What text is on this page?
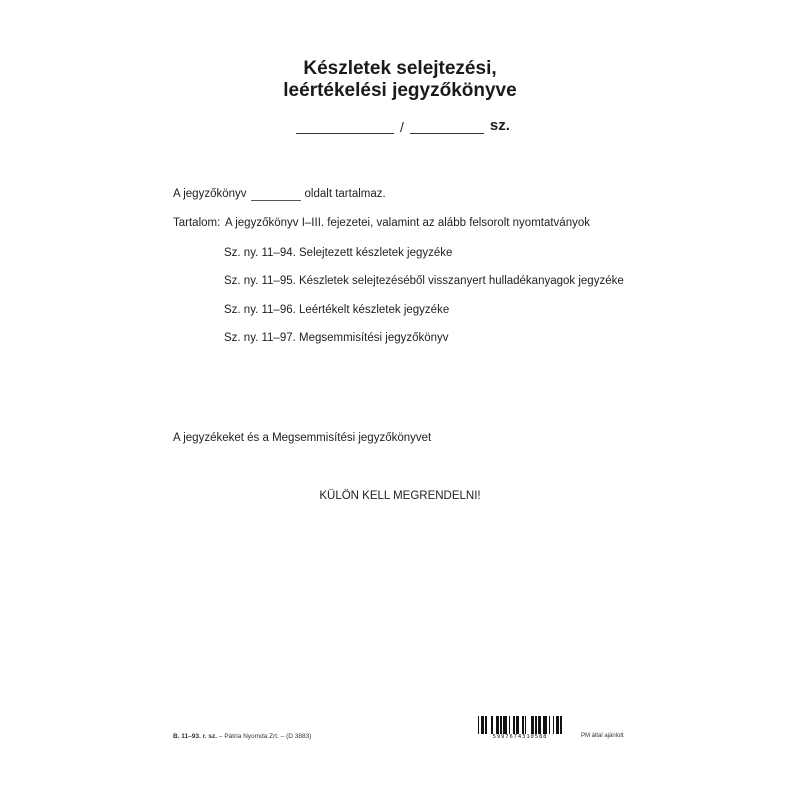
Készletek selejtezési,
leértékelési jegyzőkönyve
/	sz.
A jegyzőkönyv	oldalt tartalmaz.
Tartalom: A jegyzőkönyv I–III. fejezetei, valamint az alább felsorolt nyomtatványok
Sz. ny. 11–94. Selejtezett készletek jegyzéke
Sz. ny. 11–95. Készletek selejtezéséből visszanyert hulladékanyagok jegyzéke
Sz. ny. 11–96. Leértékelt készletek jegyzéke
Sz. ny. 11–97. Megsemmisítési jegyzőkönyv
A jegyzékeket és a Megsemmisítési jegyzőkönyvet
KÜLÖN KELL MEGRENDELNI!
B. 11–93. r. sz. – Pátria Nyomda Zrt. – (D 3883)	5997674310588	PM által ajánlott
